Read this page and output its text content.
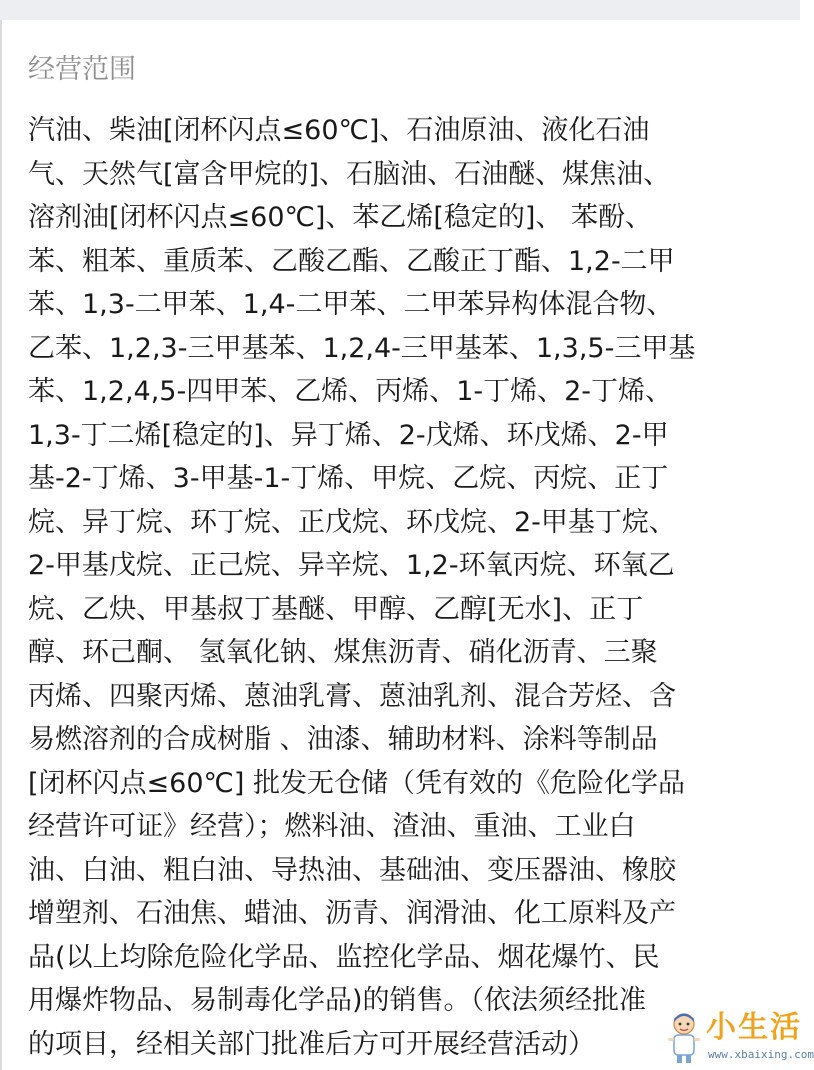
经营范围
汽油、柴油[闭杯闪点≤60℃]、石油原油、液化石油
气、天然气[富含甲烷的]、石脑油、石油醚、煤焦油、
溶剂油[闭杯闪点≤60℃]、苯乙烯[稳定的]、 苯酚、
苯、粗苯、重质苯、乙酸乙酯、乙酸正丁酯、1,2-二甲
苯、1,3-二甲苯、1,4-二甲苯、二甲苯异构体混合物、
乙苯、1,2,3-三甲基苯、1,2,4-三甲基苯、1,3,5-三甲基
苯、1,2,4,5-四甲苯、乙烯、丙烯、1-丁烯、2-丁烯、
1,3-丁二烯[稳定的]、异丁烯、2-戊烯、环戊烯、2-甲
基-2-丁烯、3-甲基-1-丁烯、甲烷、乙烷、丙烷、正丁
烷、异丁烷、环丁烷、正戊烷、环戊烷、2-甲基丁烷、
2-甲基戊烷、正己烷、异辛烷、1,2-环氧丙烷、环氧乙
烷、乙炔、甲基叔丁基醚、甲醇、乙醇[无水]、正丁
醇、环己酮、 氢氧化钠、煤焦沥青、硝化沥青、三聚
丙烯、四聚丙烯、蒽油乳膏、蒽油乳剂、混合芳烃、含
易燃溶剂的合成树脂 、油漆、辅助材料、涂料等制品
[闭杯闪点≤60℃] 批发无仓储（凭有效的《危险化学品
经营许可证》经营）；燃料油、渣油、重油、工业白
油、白油、粗白油、导热油、基础油、变压器油、橡胶
增塑剂、石油焦、蜡油、沥青、润滑油、化工原料及产
品(以上均除危险化学品、监控化学品、烟花爆竹、民
用爆炸物品、易制毒化学品)的销售。（依法须经批准
的项目，经相关部门批准后方可开展经营活动）	小生活
www.xbaixing.com
